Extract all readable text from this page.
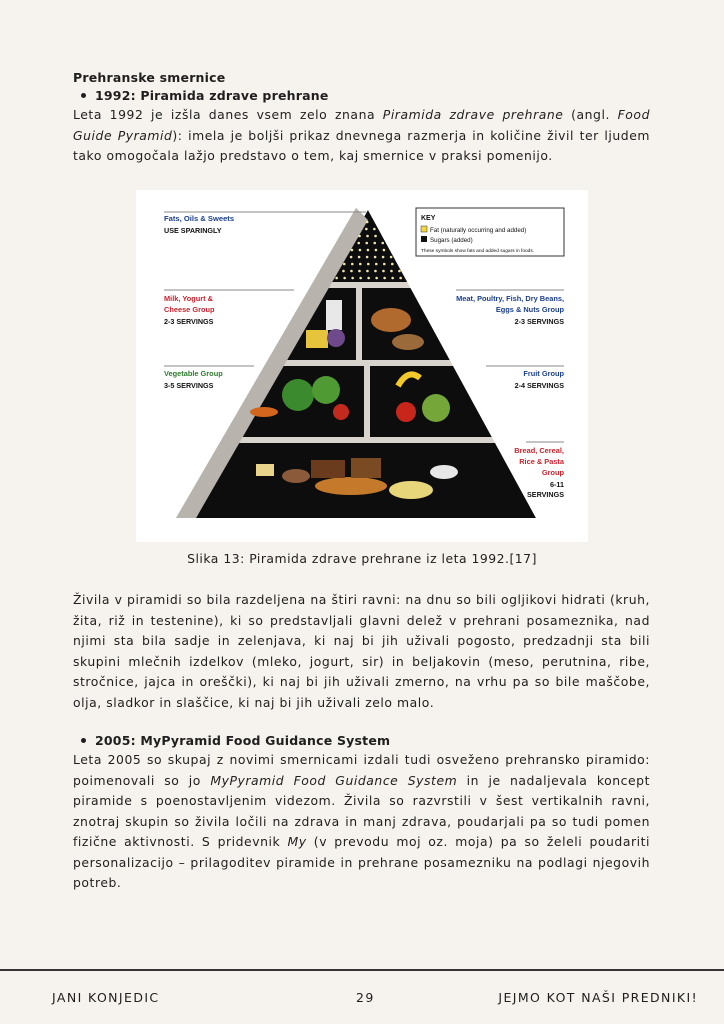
Prehranske smernice
1992: Piramida zdrave prehrane

Leta 1992 je izšla danes vsem zelo znana Piramida zdrave prehrane (angl. Food Guide Pyramid): imela je boljši prikaz dnevnega razmerja in količine živil ter ljudem tako omogočala lažjo predstavo o tem, kaj smernice v praksi pomenijo.

KEY
Fat (naturally occurring and added)
Sugars (added)
These symbols show fats and added sugars in foods.
Fats, Oils & Sweets
USE SPARINGLY
Milk, Yogurt &
Cheese Group
2-3 SERVINGS
Meat, Poultry, Fish, Dry Beans,
Eggs & Nuts Group
2-3 SERVINGS
Vegetable Group
3-5 SERVINGS
Fruit Group
2-4 SERVINGS
Bread, Cereal,
Rice & Pasta
Group
6-11
SERVINGS
Slika 13: Piramida zdrave prehrane iz leta 1992.[17]

Živila v piramidi so bila razdeljena na štiri ravni: na dnu so bili ogljikovi hidrati (kruh, žita, riž in testenine), ki so predstavljali glavni delež v prehrani posameznika, nad njimi sta bila sadje in zelenjava, ki naj bi jih uživali pogosto, predzadnji sta bili skupini mlečnih izdelkov (mleko, jogurt, sir) in beljakovin (meso, perutnina, ribe, stročnice, jajca in oreščki), ki naj bi jih uživali zmerno, na vrhu pa so bile maščobe, olja, sladkor in slaščice, ki naj bi jih uživali zelo malo.

2005: MyPyramid Food Guidance System

Leta 2005 so skupaj z novimi smernicami izdali tudi osveženo prehransko piramido: poimenovali so jo MyPyramid Food Guidance System in je nadaljevala koncept piramide s poenostavljenim videzom. Živila so razvrstili v šest vertikalnih ravni, znotraj skupin so živila ločili na zdrava in manj zdrava, poudarjali pa so tudi pomen fizične aktivnosti. S pridevnik My (v prevodu moj oz. moja) pa so želeli poudariti personalizacijo – prilagoditev piramide in prehrane posamezniku na podlagi njegovih potreb.

JANI KONJEDIC	29	JEJMO KOT NAŠI PREDNIKI!
